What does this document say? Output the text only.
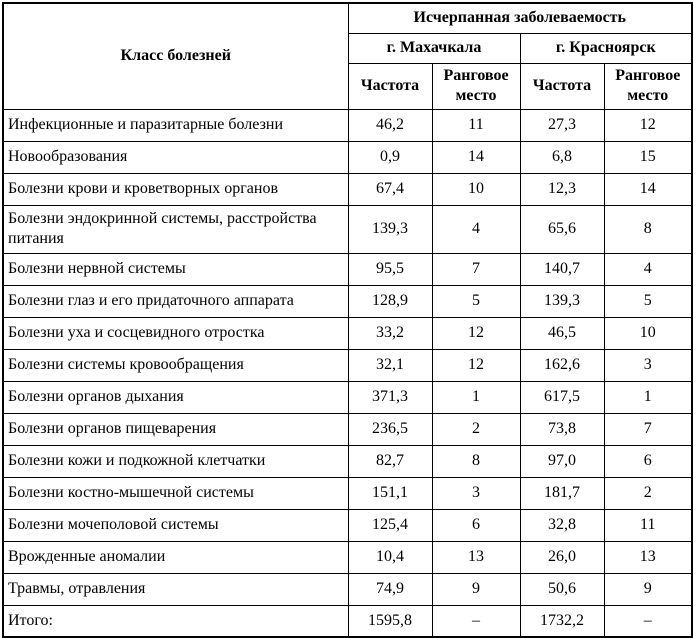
Класс болезней	Исчерпанная заболеваемость			
	г. Махачкала		г. Красноярск	
	Частота	Ранговое место	Частота	Ранговое место
Инфекционные и паразитарные болезни	46,2	11	27,3	12
Новообразования	0,9	14	6,8	15
Болезни крови и кроветворных органов	67,4	10	12,3	14
Болезни эндокринной системы, расстройства питания	139,3	4	65,6	8
Болезни нервной системы	95,5	7	140,7	4
Болезни глаз и его придаточного аппарата	128,9	5	139,3	5
Болезни уха и сосцевидного отростка	33,2	12	46,5	10
Болезни системы кровообращения	32,1	12	162,6	3
Болезни органов дыхания	371,3	1	617,5	1
Болезни органов пищеварения	236,5	2	73,8	7
Болезни кожи и подкожной клетчатки	82,7	8	97,0	6
Болезни костно-мышечной системы	151,1	3	181,7	2
Болезни мочеполовой системы	125,4	6	32,8	11
Врожденные аномалии	10,4	13	26,0	13
Травмы, отравления	74,9	9	50,6	9
Итого:	1595,8	–	1732,2	–
